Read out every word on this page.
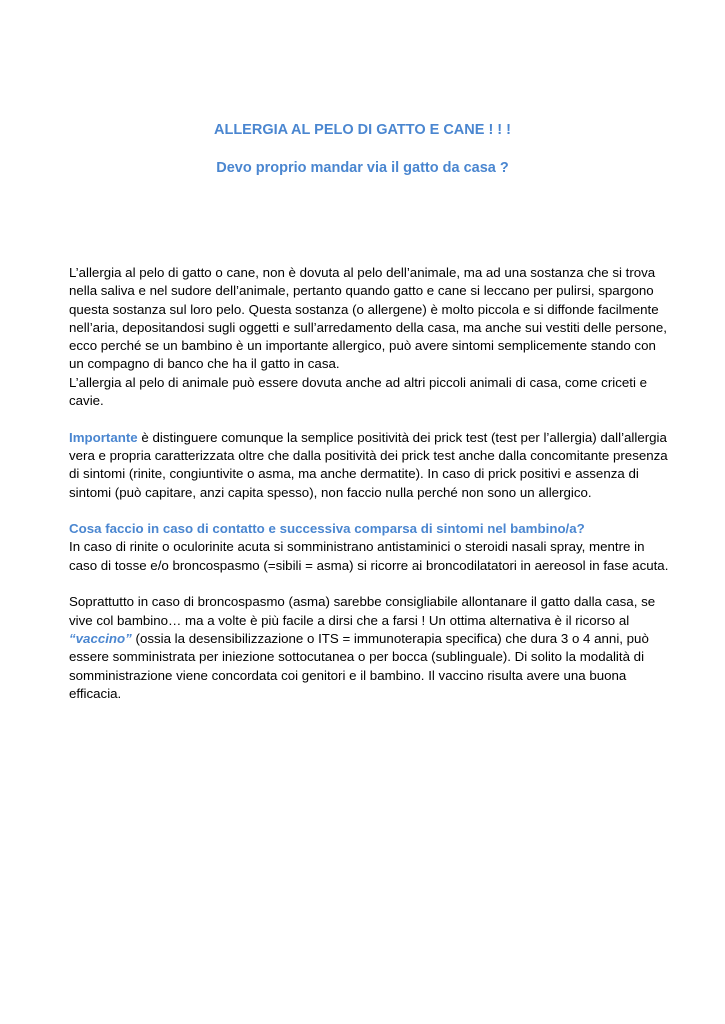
ALLERGIA AL PELO DI GATTO E CANE ! ! !
Devo proprio mandar via il gatto da casa ?

L’allergia al pelo di gatto o cane, non è dovuta al pelo dell’animale, ma ad una sostanza che si trova nella saliva e nel sudore dell’animale, pertanto quando gatto e cane si leccano per pulirsi, spargono questa sostanza sul loro pelo. Questa sostanza (o allergene) è molto piccola e si diffonde facilmente nell’aria, depositandosi sugli oggetti e sull’arredamento della casa, ma anche sui vestiti delle persone, ecco perché se un bambino è un importante allergico, può avere sintomi semplicemente stando con un compagno di banco che ha il gatto in casa.

L’allergia al pelo di animale può essere dovuta anche ad altri piccoli animali di casa, come criceti e cavie.

Importante è distinguere comunque la semplice positività dei prick test (test per l’allergia) dall’allergia vera e propria caratterizzata oltre che dalla positività dei prick test anche dalla concomitante presenza di sintomi (rinite, congiuntivite o asma, ma anche dermatite). In caso di prick positivi e assenza di sintomi (può capitare, anzi capita spesso), non faccio nulla perché non sono un allergico.

Cosa faccio in caso di contatto e successiva comparsa di sintomi nel bambino/a?

In caso di rinite o oculorinite acuta si somministrano antistaminici o steroidi nasali spray, mentre in caso di tosse e/o broncospasmo (=sibili = asma) si ricorre ai broncodilatatori in aereosol in fase acuta.

Soprattutto in caso di broncospasmo (asma) sarebbe consigliabile allontanare il gatto dalla casa, se vive col bambino… ma a volte è più facile a dirsi che a farsi ! Un ottima alternativa è il ricorso al “vaccino” (ossia la desensibilizzazione o ITS = immunoterapia specifica) che dura 3 o 4 anni, può essere somministrata per iniezione sottocutanea o per bocca (sublinguale). Di solito la modalità di somministrazione viene concordata coi genitori e il bambino. Il vaccino risulta avere una buona efficacia.
